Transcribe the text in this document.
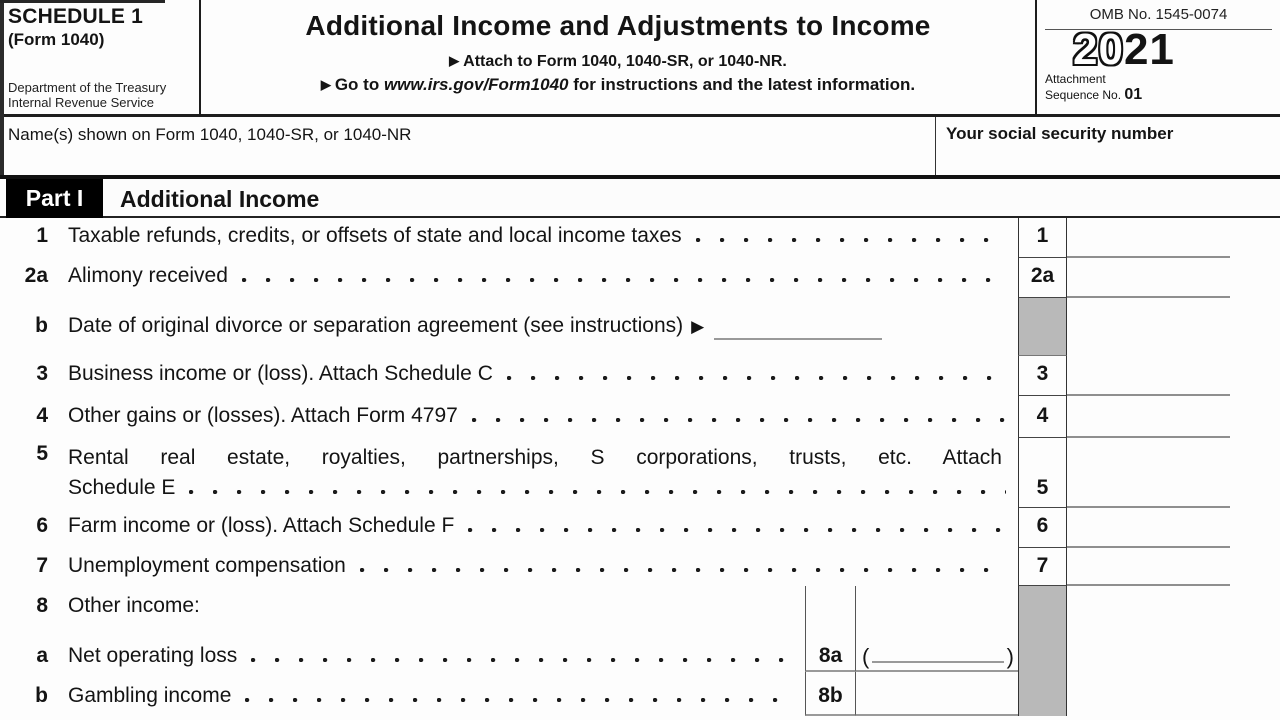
SCHEDULE 1
(Form 1040)
Department of the Treasury
Internal Revenue Service
Additional Income and Adjustments to Income
▶ Attach to Form 1040, 1040-SR, or 1040-NR.
▶ Go to www.irs.gov/Form1040 for instructions and the latest information.
OMB No. 1545-0074
2021
Attachment
Sequence No. 01
Name(s) shown on Form 1040, 1040-SR, or 1040-NR	Your social security number
Part I	Additional Income
1 Taxable refunds, credits, or offsets of state and local income taxes	1
2a Alimony received	2a
b Date of original divorce or separation agreement (see instructions) ▶
3 Business income or (loss). Attach Schedule C	3
4 Other gains or (losses). Attach Form 4797	4
5 Rental real estate, royalties, partnerships, S corporations, trusts, etc. Attach
Schedule E	5
6 Farm income or (loss). Attach Schedule F	6
7 Unemployment compensation	7
8 Other income:
a Net operating loss	8a (	)
b Gambling income	8b
